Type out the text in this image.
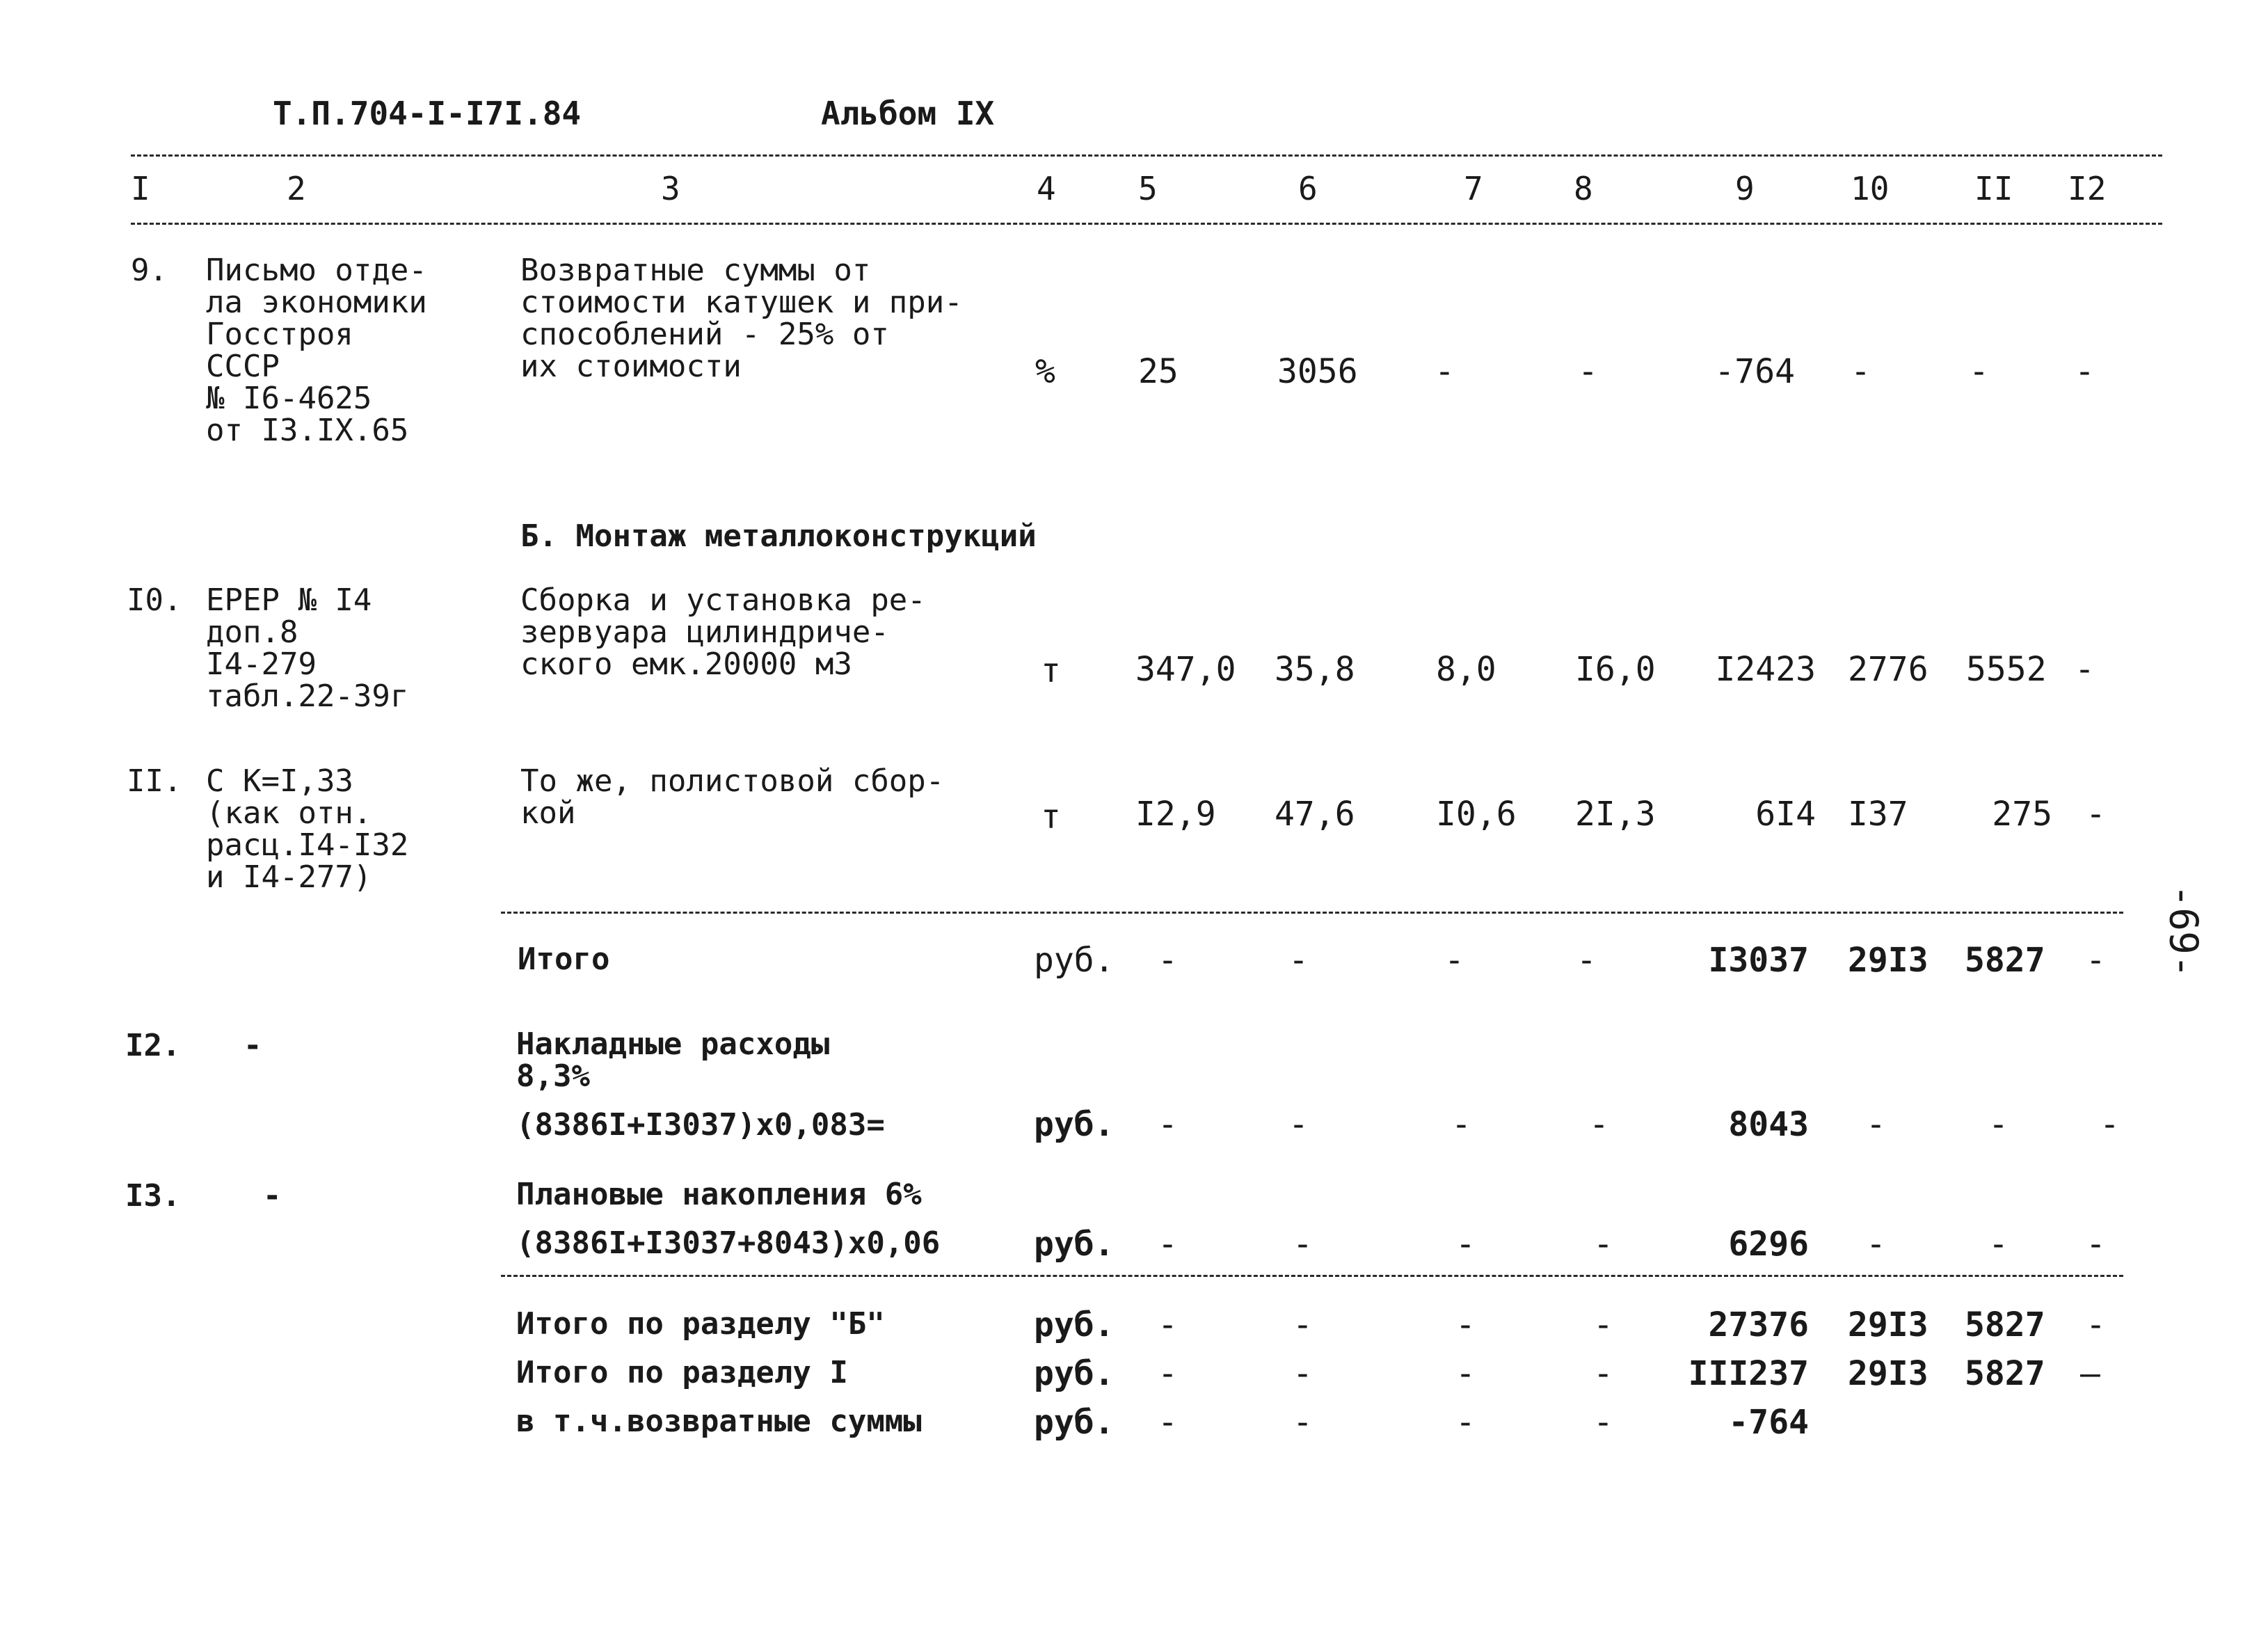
Т.П.704-I-I7I.84	Альбом IX
I	2	3	4	5	6	7	8	9	10	II I2
9. Письмо отде-
ла экономики
Госстроя
СССР
№ I6-4625
от I3.IX.65
Возвратные суммы от
стоимости катушек и при-
способлений - 25% от
их стоимости	% 25	3056 -	-	-764 -	-	-
Б. Монтаж металлоконструкций
I0. ЕРЕР № I4
доп.8
I4-279
табл.22-39г
Сборка и установка ре-
зервуара цилиндриче-
ского емк.20000 м3	т 347,0 35,8 8,0 I6,0	I2423 2776 5552 -
II. С К=I,33
(как отн.
расц.I4-I32
и I4-277)
То же, полистовой сбор-
кой	т I2,9 47,6 I0,6 2I,3	6I4 I37	275 -
Итого	руб. -	-	-	-	I3037 29I3 5827 -
I2. -	Накладные расходы
8,3%
(8386I+I3037)х0,083=	руб. -	-	-	-	8043 -	-	-
I3.	-	Плановые накопления 6%
(8386I+I3037+8043)х0,06	руб. -	-	-	-	6296 -	- -
Итого по разделу "Б"	руб. -	-	-	-	27376 29I3 5827 -
Итого по разделу I	руб. -	-	-	-	III237 29I3 5827 —
в т.ч.возвратные суммы	руб. -	-	-	-	-764
-69-
